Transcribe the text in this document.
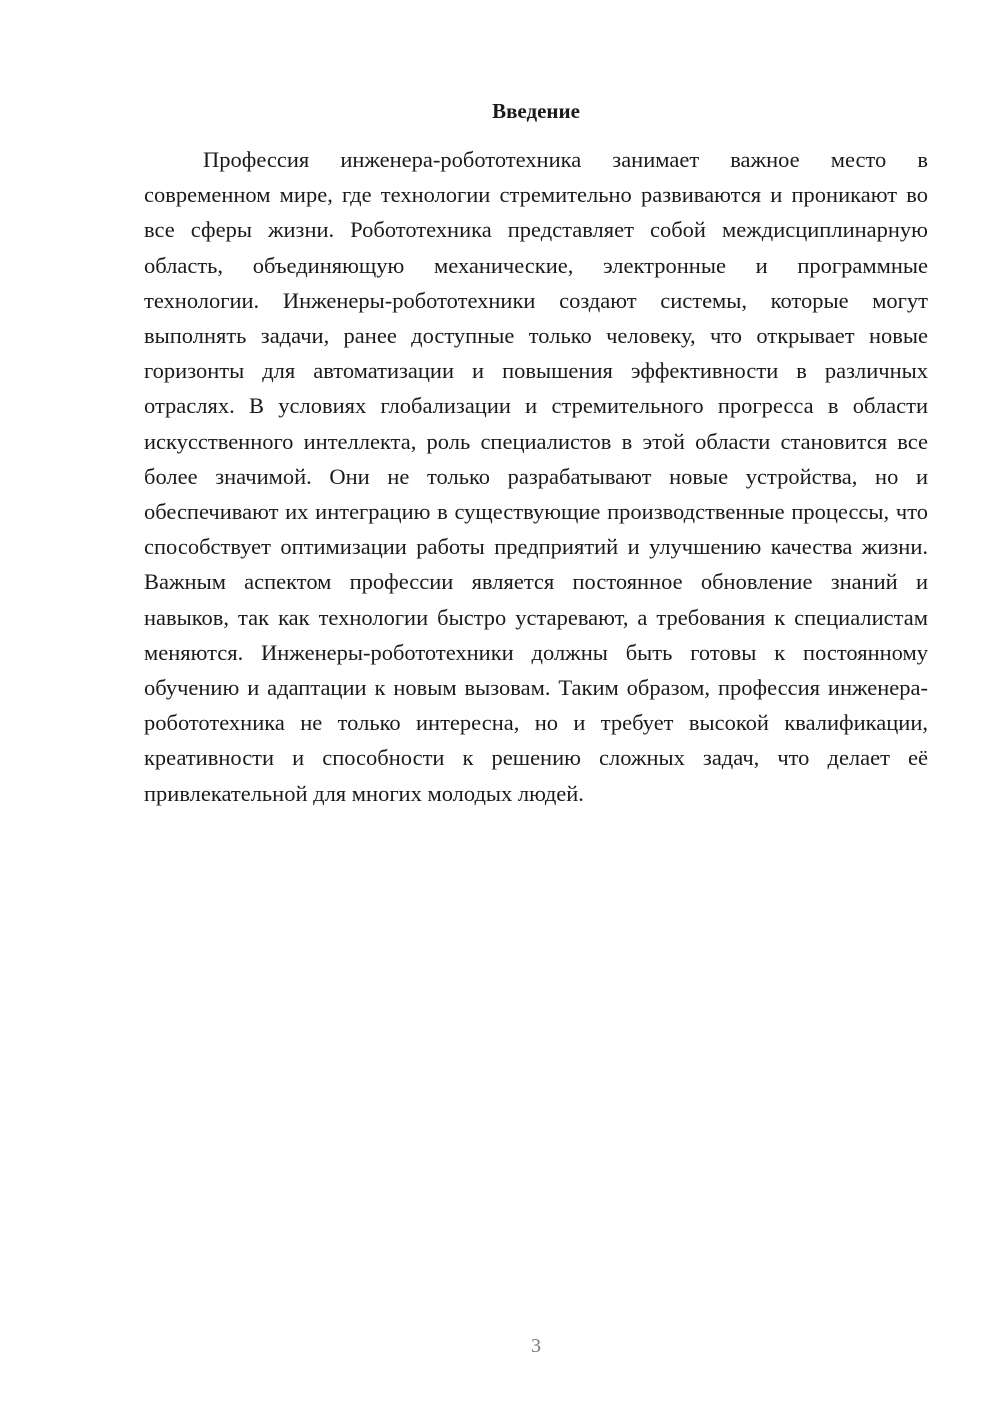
Введение

Профессия инженера-робототехника занимает важное место в современном мире, где технологии стремительно развиваются и проникают во все сферы жизни. Робототехника представляет собой междисциплинарную область, объединяющую механические, электронные и программные технологии. Инженеры-робототехники создают системы, которые могут выполнять задачи, ранее доступные только человеку, что открывает новые горизонты для автоматизации и повышения эффективности в различных отраслях. В условиях глобализации и стремительного прогресса в области искусственного интеллекта, роль специалистов в этой области становится все более значимой. Они не только разрабатывают новые устройства, но и обеспечивают их интеграцию в существующие производственные процессы, что способствует оптимизации работы предприятий и улучшению качества жизни. Важным аспектом профессии является постоянное обновление знаний и навыков, так как технологии быстро устаревают, а требования к специалистам меняются. Инженеры-робототехники должны быть готовы к постоянному обучению и адаптации к новым вызовам. Таким образом, профессия инженера-робототехника не только интересна, но и требует высокой квалификации, креативности и способности к решению сложных задач, что делает её привлекательной для многих молодых людей.

3
